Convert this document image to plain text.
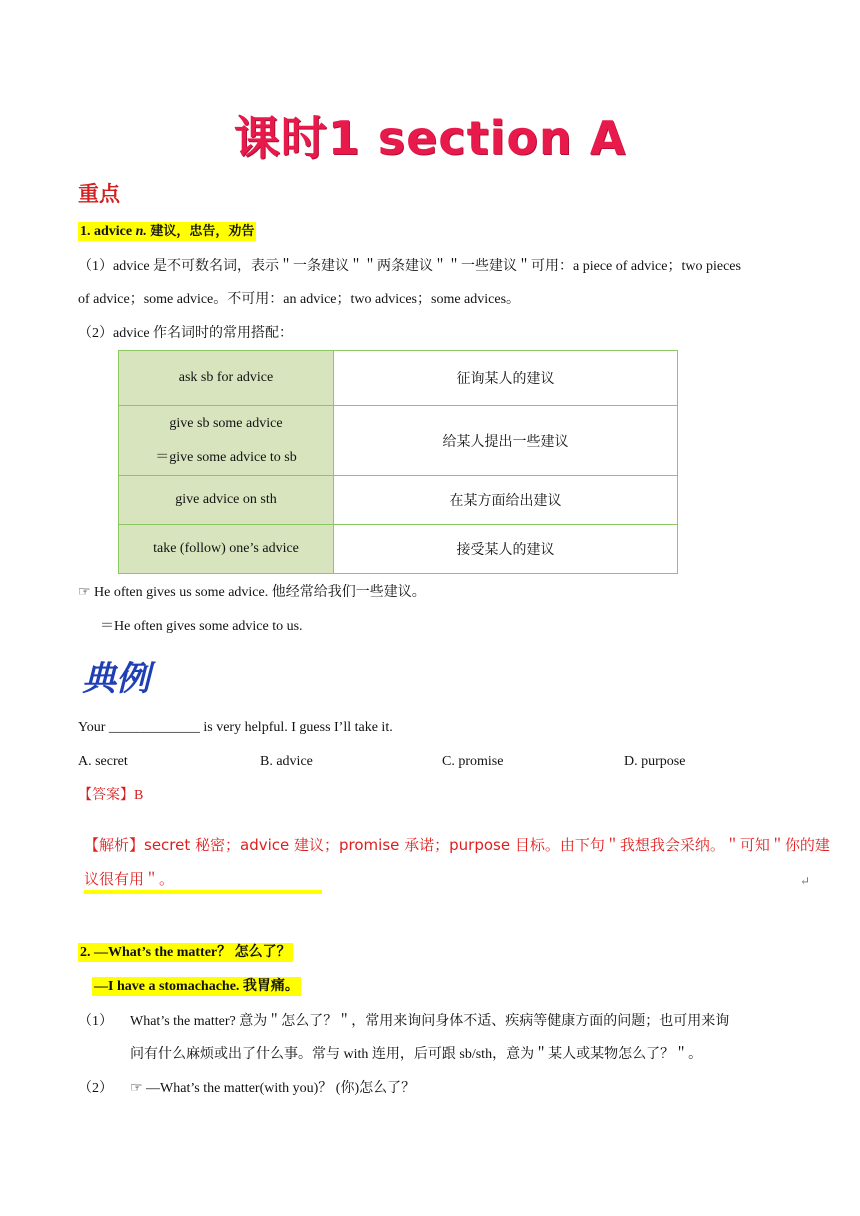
课时1 section A
重点
1. advice n. 建议，忠告，劝告
（1）advice 是不可数名词，表示＂一条建议＂＂两条建议＂＂一些建议＂可用：a piece of advice；two pieces
of advice；some advice。不可用：an advice；two advices；some advices。
（2）advice 作名词时的常用搭配：
ask sb for advice	征询某人的建议

give sb some advice
＝give some advice to sb	给某人提出一些建议
give advice on sth	在某方面给出建议
take (follow) one’s advice	接受某人的建议
☞ He often gives us some advice. 他经常给我们一些建议。
＝He often gives some advice to us.
典例
Your _____________ is very helpful. I guess I’ll take it.
A. secret	B. advice	C. promise	D. purpose
【答案】B
【解析】secret 秘密；advice 建议；promise 承诺；purpose 目标。由下句＂我想我会采纳。＂可知＂你的建
议很有用＂。	↵
2. —What’s the matter？ 怎么了？
—I have a stomachache. 我胃痛。
（1） What’s the matter? 意为＂怎么了？＂，常用来询问身体不适、疾病等健康方面的问题；也可用来询
问有什么麻烦或出了什么事。常与 with 连用，后可跟 sb/sth，意为＂某人或某物怎么了？＂。
（2） ☞ —What’s the matter(with you)？ (你)怎么了？
